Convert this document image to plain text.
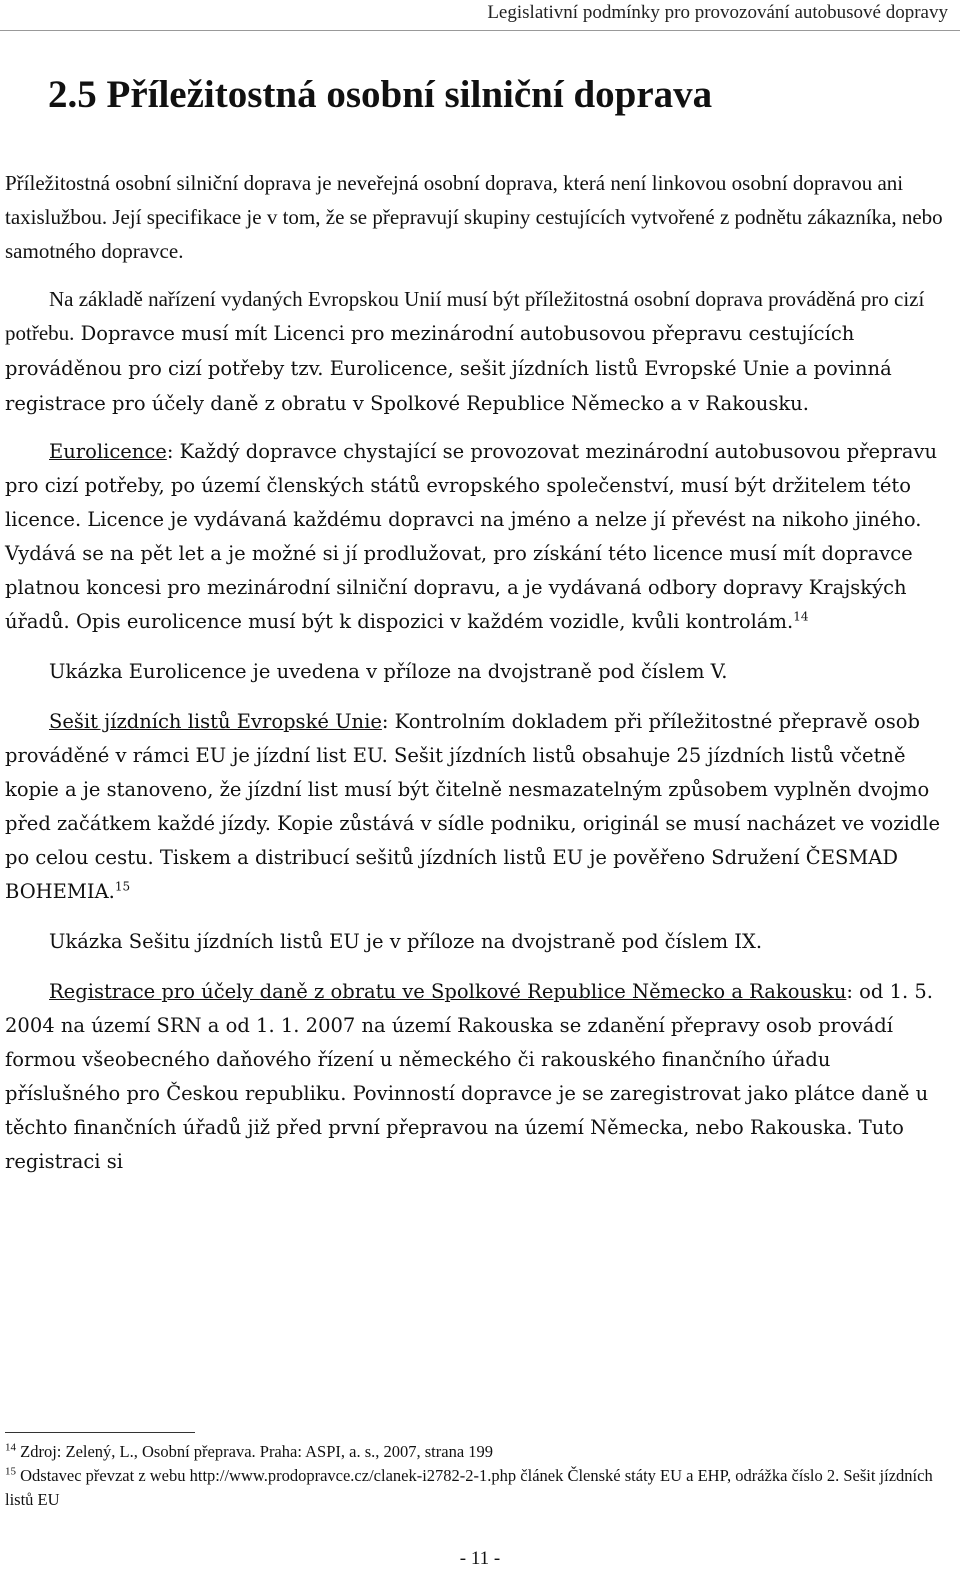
Legislativní podmínky pro provozování autobusové dopravy
2.5 Příležitostná osobní silniční doprava

Příležitostná osobní silniční doprava je neveřejná osobní doprava, která není linkovou osobní dopravou ani taxislužbou. Její specifikace je v tom, že se přepravují skupiny cestujících vytvořené z podnětu zákazníka, nebo samotného dopravce.

Na základě nařízení vydaných Evropskou Unií musí být příležitostná osobní doprava prováděná pro cizí potřebu. Dopravce musí mít Licenci pro mezinárodní autobusovou přepravu cestujících prováděnou pro cizí potřeby tzv. Eurolicence, sešit jízdních listů Evropské Unie a povinná registrace pro účely daně z obratu v Spolkové Republice Německo a v Rakousku.

Eurolicence: Každý dopravce chystající se provozovat mezinárodní autobusovou přepravu pro cizí potřeby, po území členských států evropského společenství, musí být držitelem této licence. Licence je vydávaná každému dopravci na jméno a nelze jí převést na nikoho jiného. Vydává se na pět let a je možné si jí prodlužovat, pro získání této licence musí mít dopravce platnou koncesi pro mezinárodní silniční dopravu, a je vydávaná odbory dopravy Krajských úřadů. Opis eurolicence musí být k dispozici v každém vozidle, kvůli kontrolám.$^{14}$

Ukázka Eurolicence je uvedena v příloze na dvojstraně pod číslem V.

Sešit jízdních listů Evropské Unie: Kontrolním dokladem při příležitostné přepravě osob prováděné v rámci EU je jízdní list EU. Sešit jízdních listů obsahuje 25 jízdních listů včetně kopie a je stanoveno, že jízdní list musí být čitelně nesmazatelným způsobem vyplněn dvojmo před začátkem každé jízdy. Kopie zůstává v sídle podniku, originál se musí nacházet ve vozidle po celou cestu. Tiskem a distribucí sešitů jízdních listů EU je pověřeno Sdružení ČESMAD BOHEMIA.$^{15}$

Ukázka Sešitu jízdních listů EU je v příloze na dvojstraně pod číslem IX.

Registrace pro účely daně z obratu ve Spolkové Republice Německo a Rakousku: od 1. 5. 2004 na území SRN a od 1. 1. 2007 na území Rakouska se zdanění přepravy osob provádí formou všeobecného daňového řízení u německého či rakouského finančního úřadu příslušného pro Českou republiku. Povinností dopravce je se zaregistrovat jako plátce daně u těchto finančních úřadů již před první přepravou na území Německa, nebo Rakouska. Tuto registraci si

$^{14}$ Zdroj: Zelený, L., Osobní přeprava. Praha: ASPI, a. s., 2007, strana 199
$^{15}$ Odstavec převzat z webu http://www.prodopravce.cz/clanek-i2782-2-1.php článek Členské státy EU a EHP, odrážka číslo 2. Sešit jízdních listů EU
- 11 -
